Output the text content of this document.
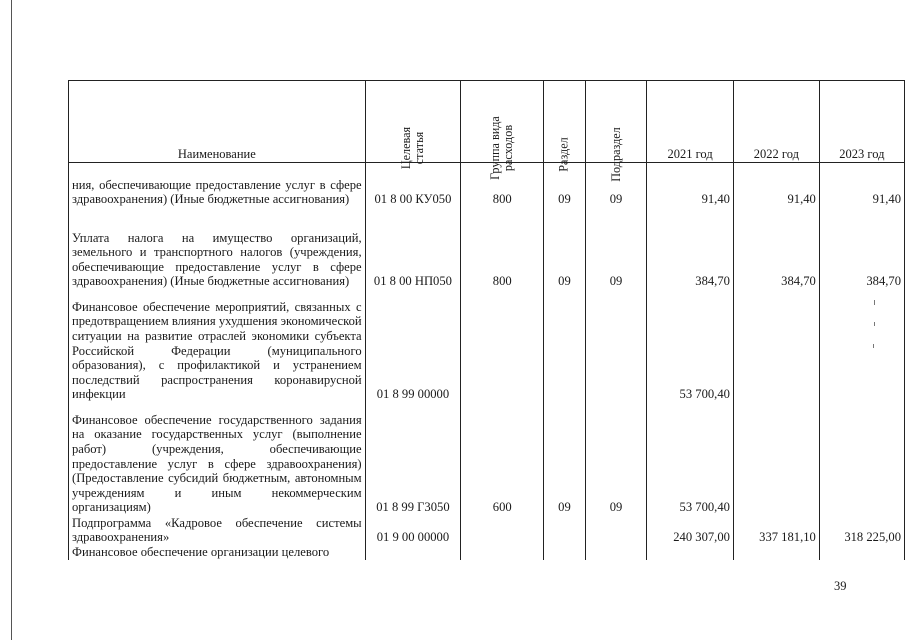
Наименование	Целевая статья	Группа вида расходов	Раздел	Подраздел	2021 год	2022 год	2023 год
ния, обеспечивающие предоставление услуг в сфере здравоохранения) (Иные бюджетные ассигнования)	01 8 00 КУ050	800	09	09	91,40	91,40	91,40
Уплата налога на имущество организаций, земельного и транспортного налогов (учреждения, обеспечивающие предоставление услуг в сфере здравоохранения) (Иные бюджетные ассигнования)	01 8 00 НП050	800	09	09	384,70	384,70	384,70
Финансовое обеспечение мероприятий, связанных с предотвращением влияния ухудшения экономической ситуации на развитие отраслей экономики субъекта Российской Федерации (муниципального образования), с профилактикой и устранением последствий распространения коронавирусной инфекции	01 8 99 00000				53 700,40		
Финансовое обеспечение государственного задания на оказание государственных услуг (выполнение работ) (учреждения, обеспечивающие предоставление услуг в сфере здравоохранения) (Предоставление субсидий бюджетным, автономным учреждениям и иным некоммерческим организациям)	01 8 99 Г3050	600	09	09	53 700,40		
Подпрограмма «Кадровое обеспечение системы здравоохранения»	01 9 00 00000				240 307,00	337 181,10	318 225,00
Финансовое обеспечение организации целевого							
39
